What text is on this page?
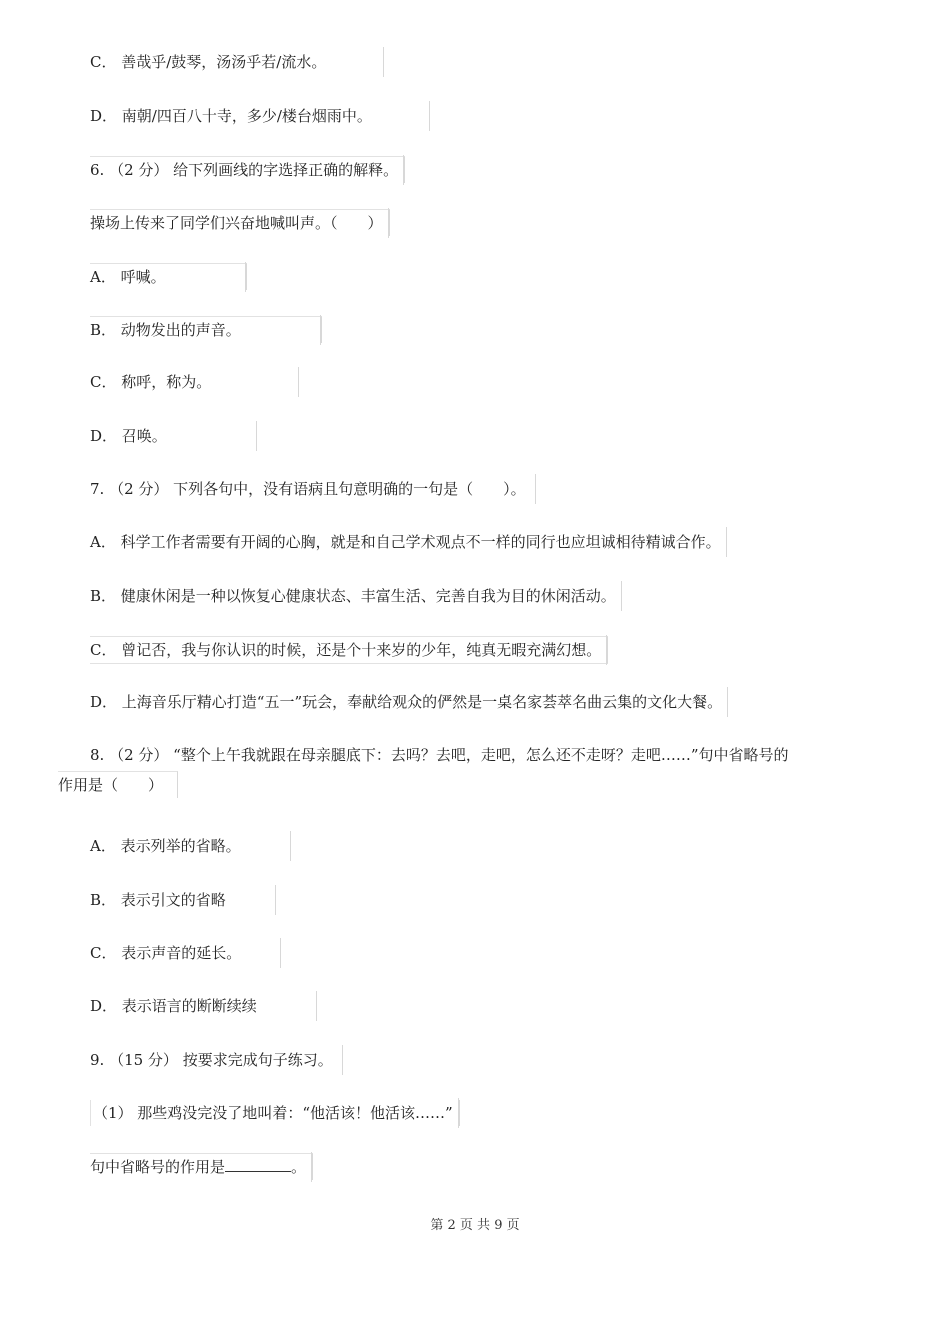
C． 善哉乎/鼓琴，汤汤乎若/流水。
D． 南朝/四百八十寺，多少/楼台烟雨中。
6. （2 分） 给下列画线的字选择正确的解释。
操场上传来了同学们兴奋地喊叫声。（　　）
A． 呼喊。
B． 动物发出的声音。
C． 称呼，称为。
D． 召唤。
7. （2 分） 下列各句中，没有语病且句意明确的一句是（　　）。
A． 科学工作者需要有开阔的心胸，就是和自己学术观点不一样的同行也应坦诚相待精诚合作。
B． 健康休闲是一种以恢复心健康状态、丰富生活、完善自我为目的休闲活动。
C． 曾记否，我与你认识的时候，还是个十来岁的少年，纯真无暇充满幻想。
D． 上海音乐厅精心打造“五一”玩会，奉献给观众的俨然是一桌名家荟萃名曲云集的文化大餐。
8. （2 分） “整个上午我就跟在母亲腿底下：去吗？去吧，走吧，怎么还不走呀？走吧……”句中省略号的
作用是（　　）
A． 表示列举的省略。
B． 表示引文的省略
C． 表示声音的延长。
D． 表示语言的断断续续
9. （15 分） 按要求完成句子练习。
（1） 那些鸡没完没了地叫着：“他活该！他活该……”
句中省略号的作用是	。
第 2 页 共 9 页
